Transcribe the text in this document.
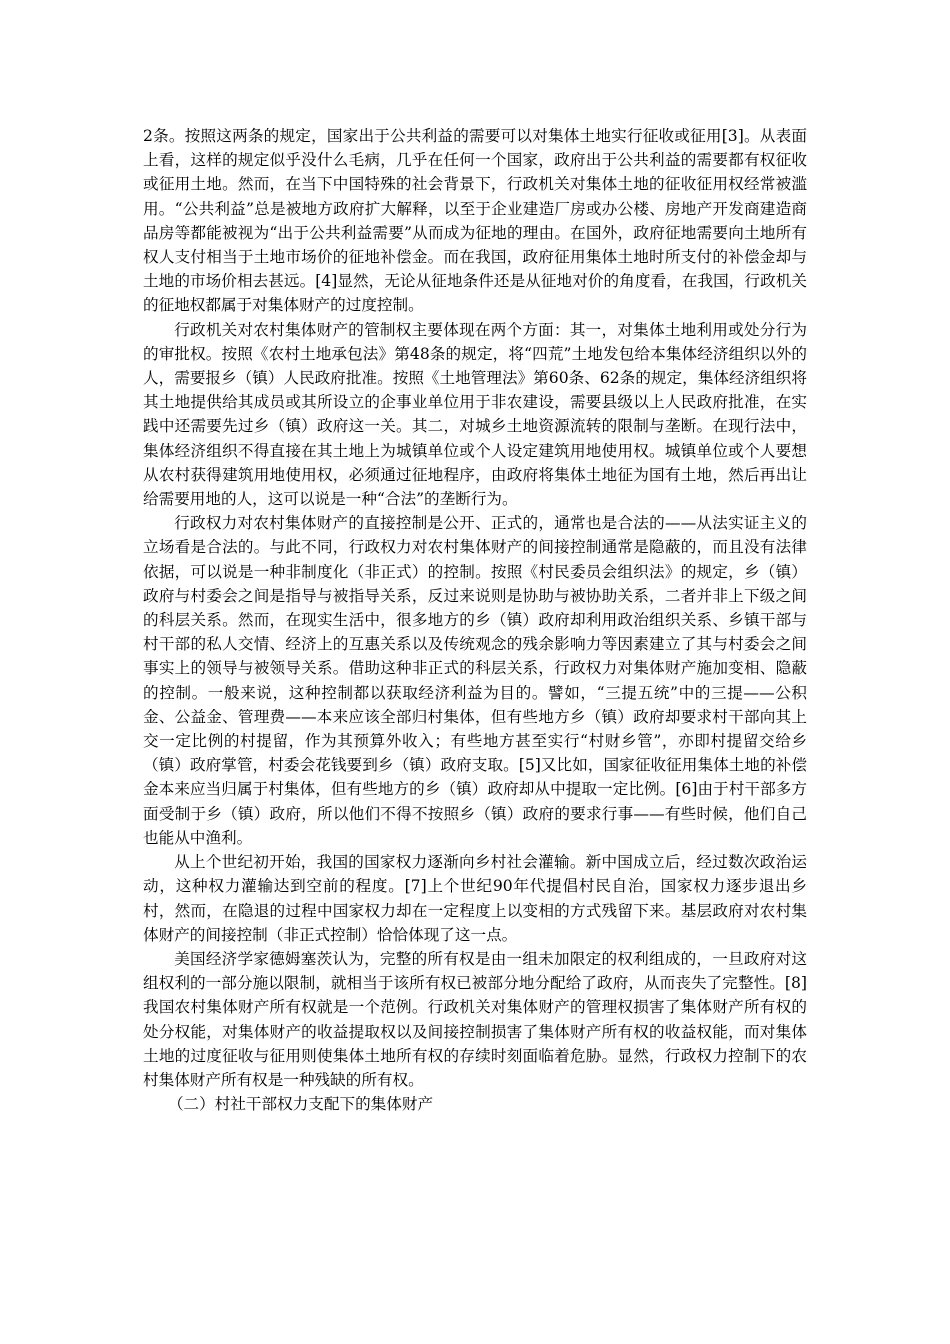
2条。按照这两条的规定，国家出于公共利益的需要可以对集体土地实行征收或征用[3]。从表面上看，这样的规定似乎没什么毛病，几乎在任何一个国家，政府出于公共利益的需要都有权征收或征用土地。然而，在当下中国特殊的社会背景下，行政机关对集体土地的征收征用权经常被滥用。“公共利益”总是被地方政府扩大解释，以至于企业建造厂房或办公楼、房地产开发商建造商品房等都能被视为“出于公共利益需要”从而成为征地的理由。在国外，政府征地需要向土地所有权人支付相当于土地市场价的征地补偿金。而在我国，政府征用集体土地时所支付的补偿金却与土地的市场价相去甚远。[4]显然，无论从征地条件还是从征地对价的角度看，在我国，行政机关的征地权都属于对集体财产的过度控制。

行政机关对农村集体财产的管制权主要体现在两个方面：其一，对集体土地利用或处分行为的审批权。按照《农村土地承包法》第48条的规定，将“四荒”土地发包给本集体经济组织以外的人，需要报乡（镇）人民政府批准。按照《土地管理法》第60条、62条的规定，集体经济组织将其土地提供给其成员或其所设立的企事业单位用于非农建设，需要县级以上人民政府批准，在实践中还需要先过乡（镇）政府这一关。其二，对城乡土地资源流转的限制与垄断。在现行法中，集体经济组织不得直接在其土地上为城镇单位或个人设定建筑用地使用权。城镇单位或个人要想从农村获得建筑用地使用权，必须通过征地程序，由政府将集体土地征为国有土地，然后再出让给需要用地的人，这可以说是一种“合法”的垄断行为。

行政权力对农村集体财产的直接控制是公开、正式的，通常也是合法的——从法实证主义的立场看是合法的。与此不同，行政权力对农村集体财产的间接控制通常是隐蔽的，而且没有法律依据，可以说是一种非制度化（非正式）的控制。按照《村民委员会组织法》的规定，乡（镇）政府与村委会之间是指导与被指导关系，反过来说则是协助与被协助关系，二者并非上下级之间的科层关系。然而，在现实生活中，很多地方的乡（镇）政府却利用政治组织关系、乡镇干部与村干部的私人交情、经济上的互惠关系以及传统观念的残余影响力等因素建立了其与村委会之间事实上的领导与被领导关系。借助这种非正式的科层关系，行政权力对集体财产施加变相、隐蔽的控制。一般来说，这种控制都以获取经济利益为目的。譬如，“三提五统”中的三提——公积金、公益金、管理费——本来应该全部归村集体，但有些地方乡（镇）政府却要求村干部向其上交一定比例的村提留，作为其预算外收入；有些地方甚至实行“村财乡管”，亦即村提留交给乡（镇）政府掌管，村委会花钱要到乡（镇）政府支取。[5]又比如，国家征收征用集体土地的补偿金本来应当归属于村集体，但有些地方的乡（镇）政府却从中提取一定比例。[6]由于村干部多方面受制于乡（镇）政府，所以他们不得不按照乡（镇）政府的要求行事——有些时候，他们自己也能从中渔利。

从上个世纪初开始，我国的国家权力逐渐向乡村社会灌输。新中国成立后，经过数次政治运动，这种权力灌输达到空前的程度。[7]上个世纪90年代提倡村民自治，国家权力逐步退出乡村，然而，在隐退的过程中国家权力却在一定程度上以变相的方式残留下来。基层政府对农村集体财产的间接控制（非正式控制）恰恰体现了这一点。

美国经济学家德姆塞茨认为，完整的所有权是由一组未加限定的权利组成的，一旦政府对这组权利的一部分施以限制，就相当于该所有权已被部分地分配给了政府，从而丧失了完整性。[8]我国农村集体财产所有权就是一个范例。行政机关对集体财产的管理权损害了集体财产所有权的处分权能，对集体财产的收益提取权以及间接控制损害了集体财产所有权的收益权能，而对集体土地的过度征收与征用则使集体土地所有权的存续时刻面临着危胁。显然，行政权力控制下的农村集体财产所有权是一种残缺的所有权。

（二）村社干部权力支配下的集体财产
